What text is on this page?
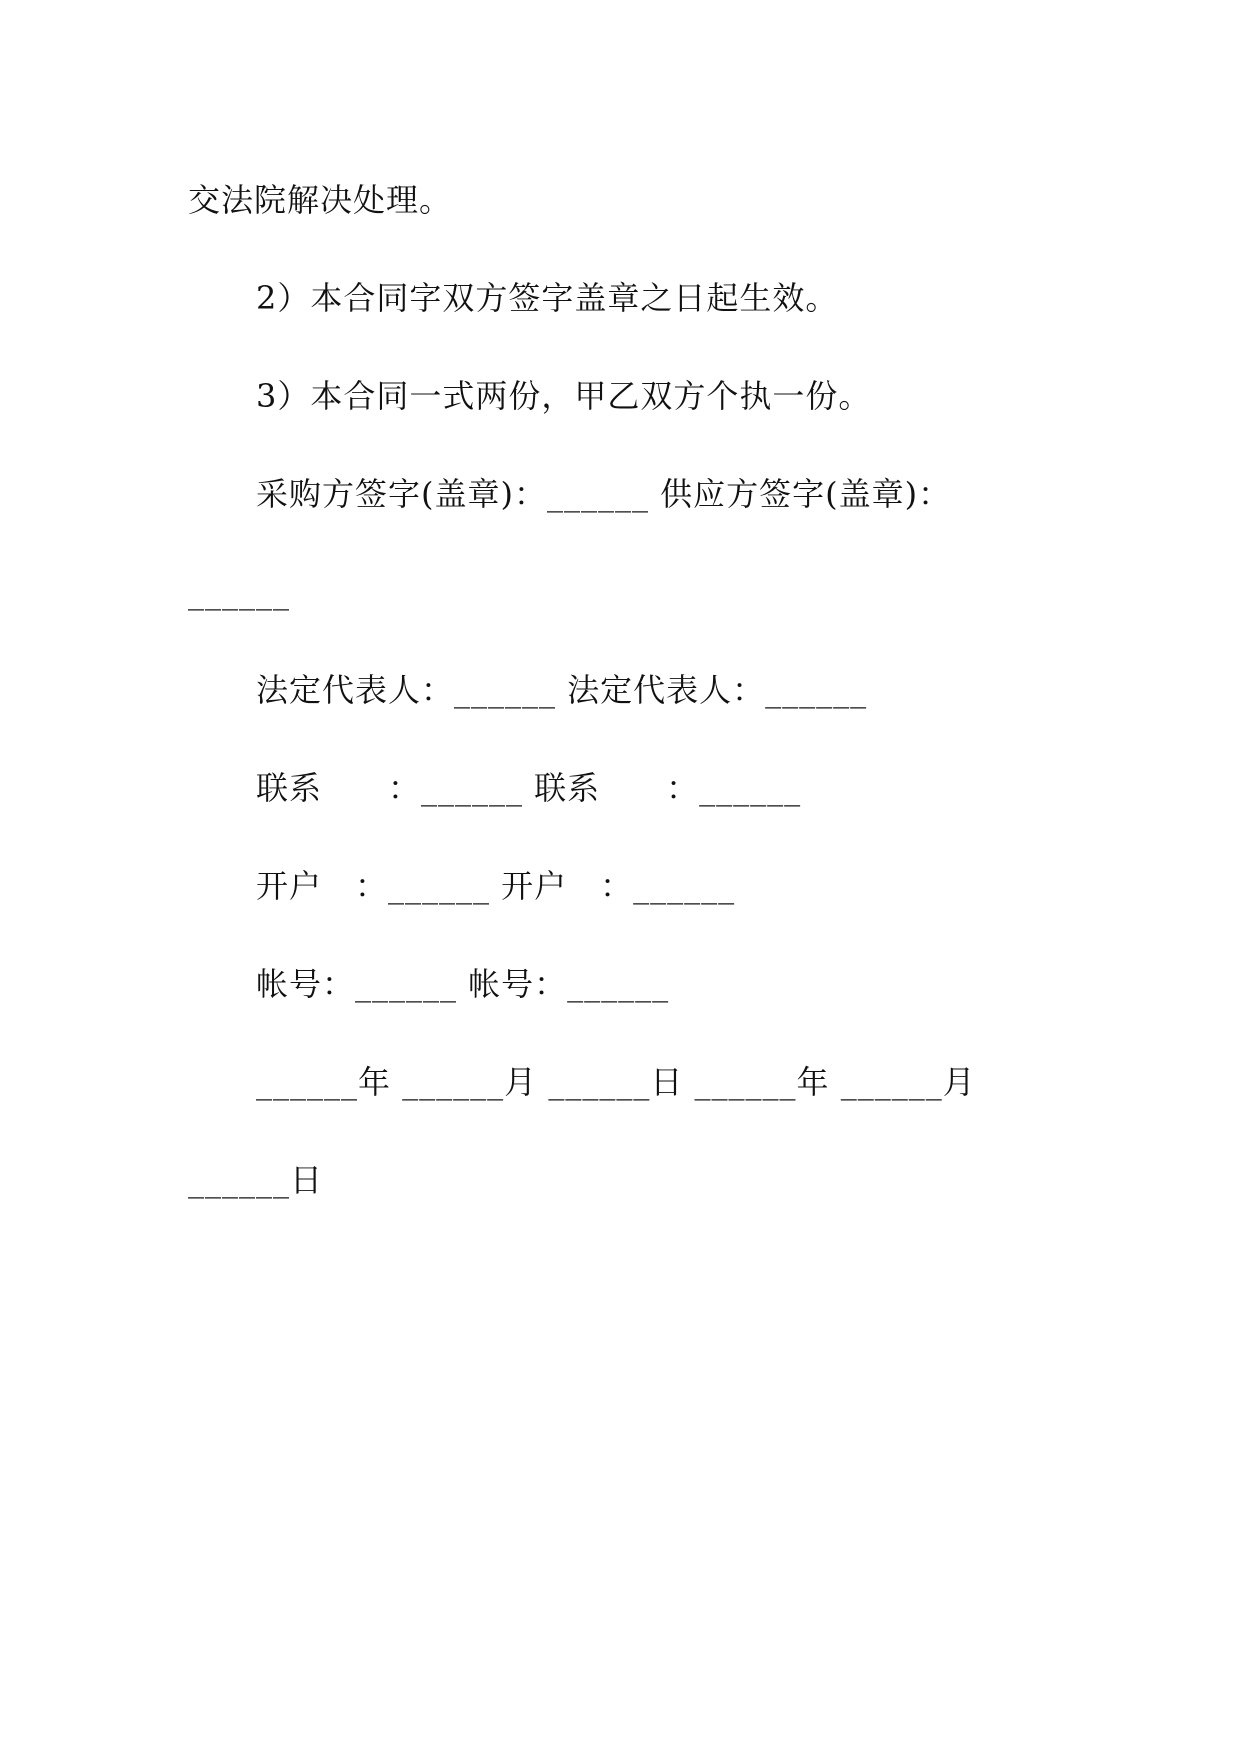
交法院解决处理。
2）本合同字双方签字盖章之日起生效。
3）本合同一式两份，甲乙双方个执一份。
采购方签字(盖章)：______ 供应方签字(盖章)：
______
法定代表人：______ 法定代表人：______
联系　　：______ 联系　　：______
开户　：______ 开户　：______
帐号：______ 帐号：______
______年 ______月 ______日 ______年 ______月
______日
